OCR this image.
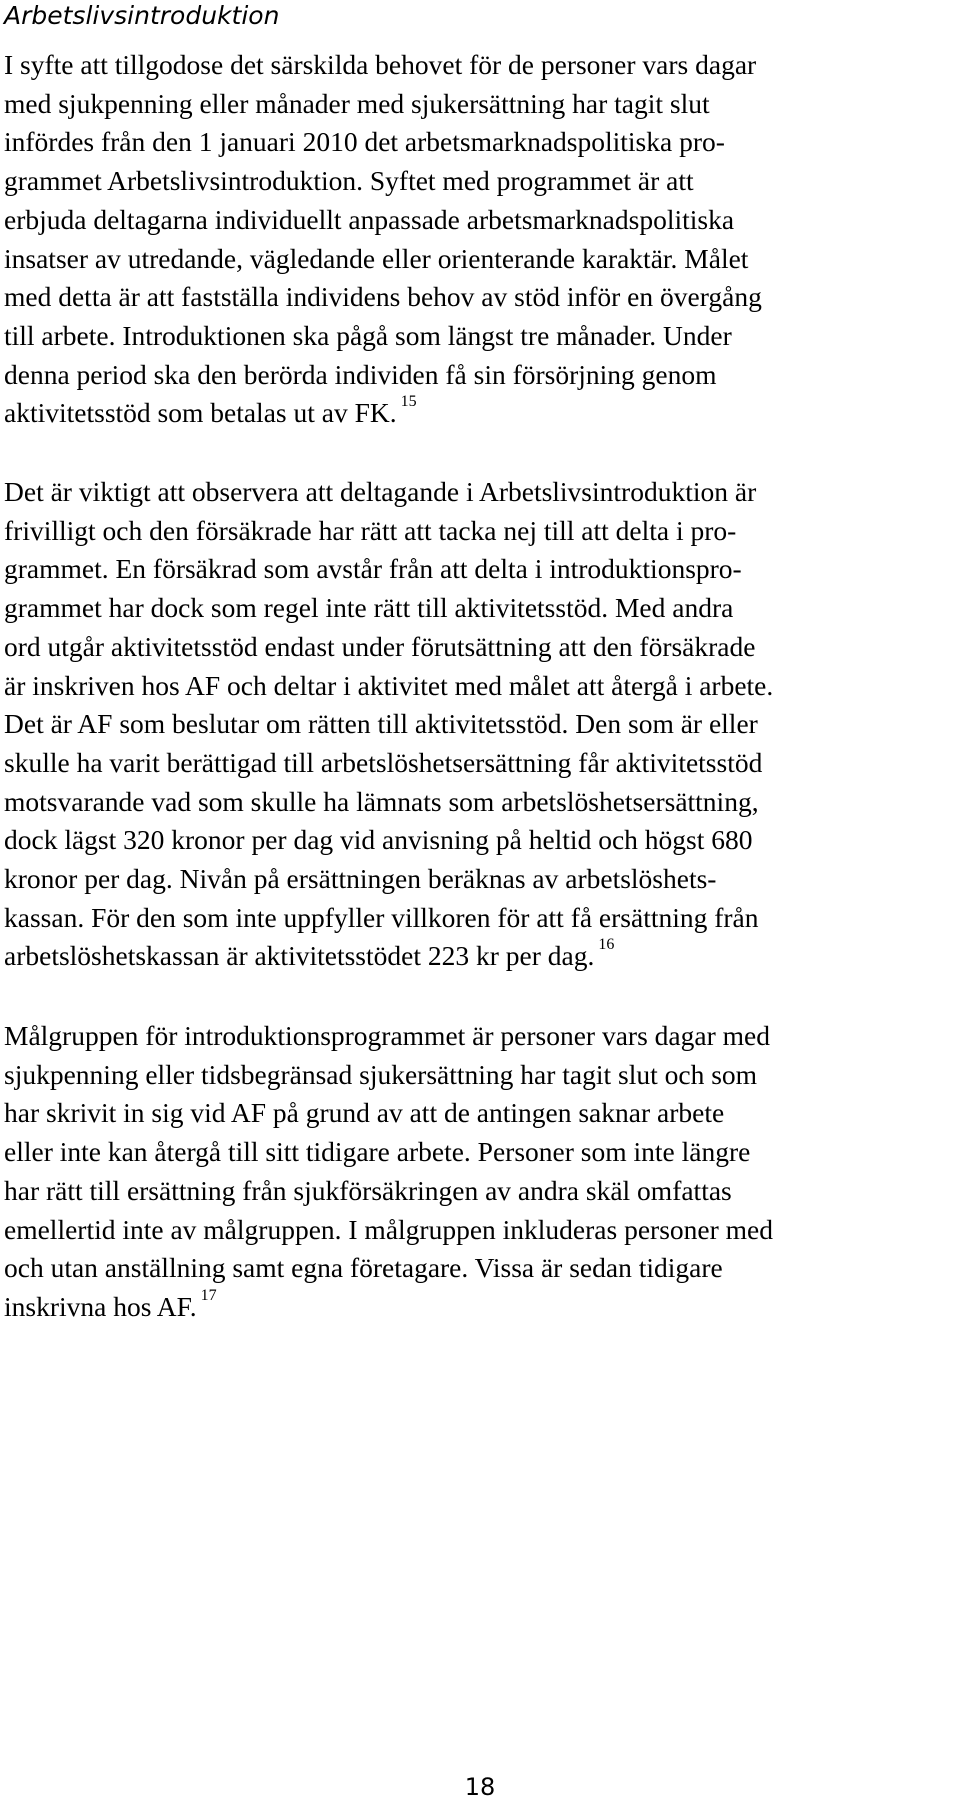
Arbetslivsintroduktion

I syfte att tillgodose det särskilda behovet för de personer vars dagar
med sjukpenning eller månader med sjukersättning har tagit slut
infördes från den 1 januari 2010 det arbetsmarknadspolitiska pro-
grammet Arbetslivsintroduktion. Syftet med programmet är att
erbjuda deltagarna individuellt anpassade arbetsmarknadspolitiska
insatser av utredande, vägledande eller orienterande karaktär. Målet
med detta är att fastställa individens behov av stöd inför en övergång
till arbete. Introduktionen ska pågå som längst tre månader. Under
denna period ska den berörda individen få sin försörjning genom
aktivitetsstöd som betalas ut av FK. $^{15}$

Det är viktigt att observera att deltagande i Arbetslivsintroduktion är
frivilligt och den försäkrade har rätt att tacka nej till att delta i pro-
grammet. En försäkrad som avstår från att delta i introduktionspro-
grammet har dock som regel inte rätt till aktivitetsstöd. Med andra
ord utgår aktivitetsstöd endast under förutsättning att den försäkrade
är inskriven hos AF och deltar i aktivitet med målet att återgå i arbete.
Det är AF som beslutar om rätten till aktivitetsstöd. Den som är eller
skulle ha varit berättigad till arbetslöshetsersättning får aktivitetsstöd
motsvarande vad som skulle ha lämnats som arbetslöshetsersättning,
dock lägst 320 kronor per dag vid anvisning på heltid och högst 680
kronor per dag. Nivån på ersättningen beräknas av arbetslöshets-
kassan. För den som inte uppfyller villkoren för att få ersättning från
arbetslöshetskassan är aktivitetsstödet 223 kr per dag. $^{16}$

Målgruppen för introduktionsprogrammet är personer vars dagar med
sjukpenning eller tidsbegränsad sjukersättning har tagit slut och som
har skrivit in sig vid AF på grund av att de antingen saknar arbete
eller inte kan återgå till sitt tidigare arbete. Personer som inte längre
har rätt till ersättning från sjukförsäkringen av andra skäl omfattas
emellertid inte av målgruppen. I målgruppen inkluderas personer med
och utan anställning samt egna företagare. Vissa är sedan tidigare
inskrivna hos AF. $^{17}$

18
